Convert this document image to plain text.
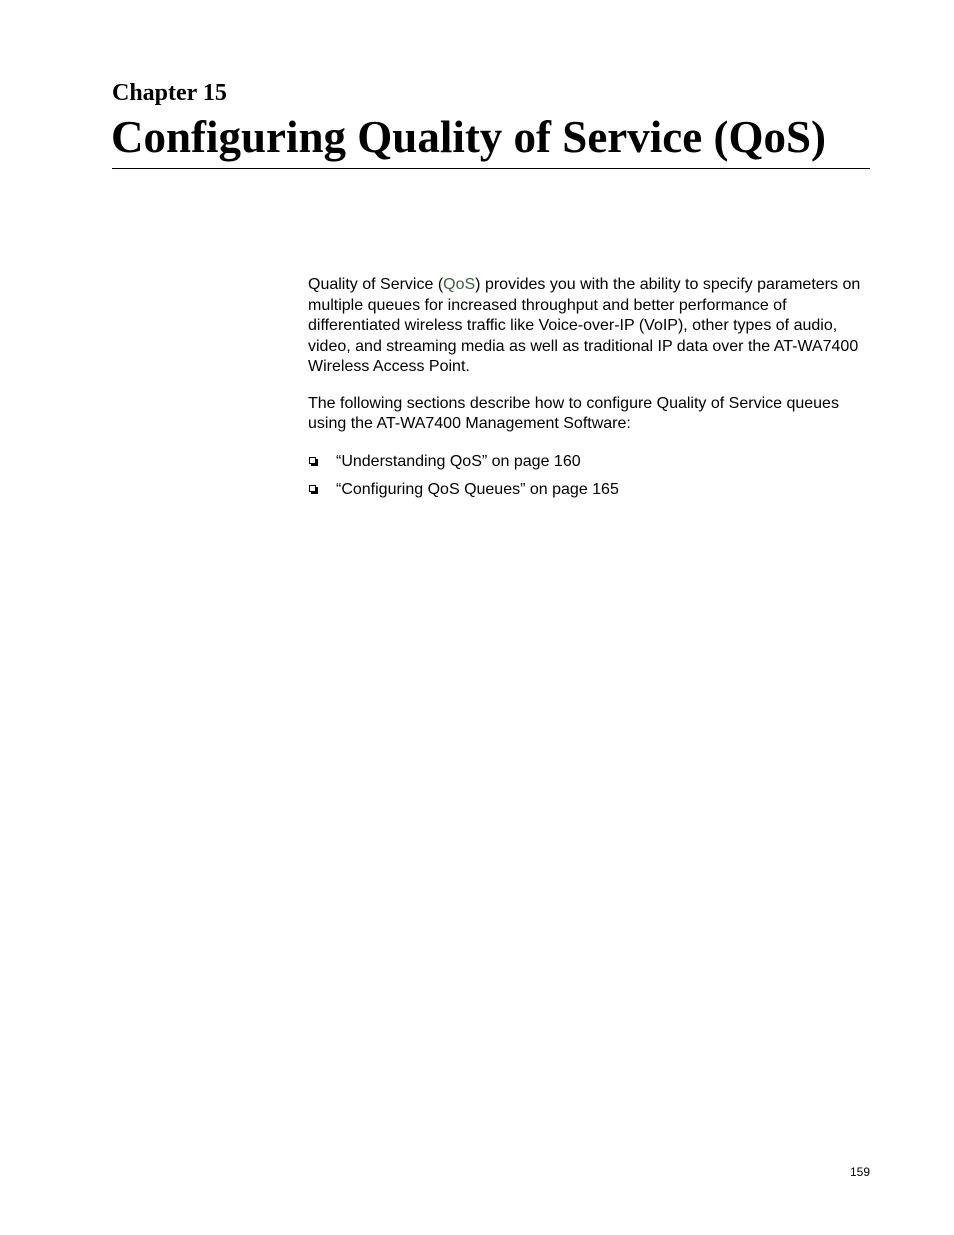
Chapter 15
Configuring Quality of Service (QoS)

Quality of Service (QoS) provides you with the ability to specify parameters on multiple queues for increased throughput and better performance of differentiated wireless traffic like Voice-over-IP (VoIP), other types of audio, video, and streaming media as well as traditional IP data over the AT-WA7400 Wireless Access Point.

The following sections describe how to configure Quality of Service queues using the AT-WA7400 Management Software:

“Understanding QoS” on page 160
“Configuring QoS Queues” on page 165
159
